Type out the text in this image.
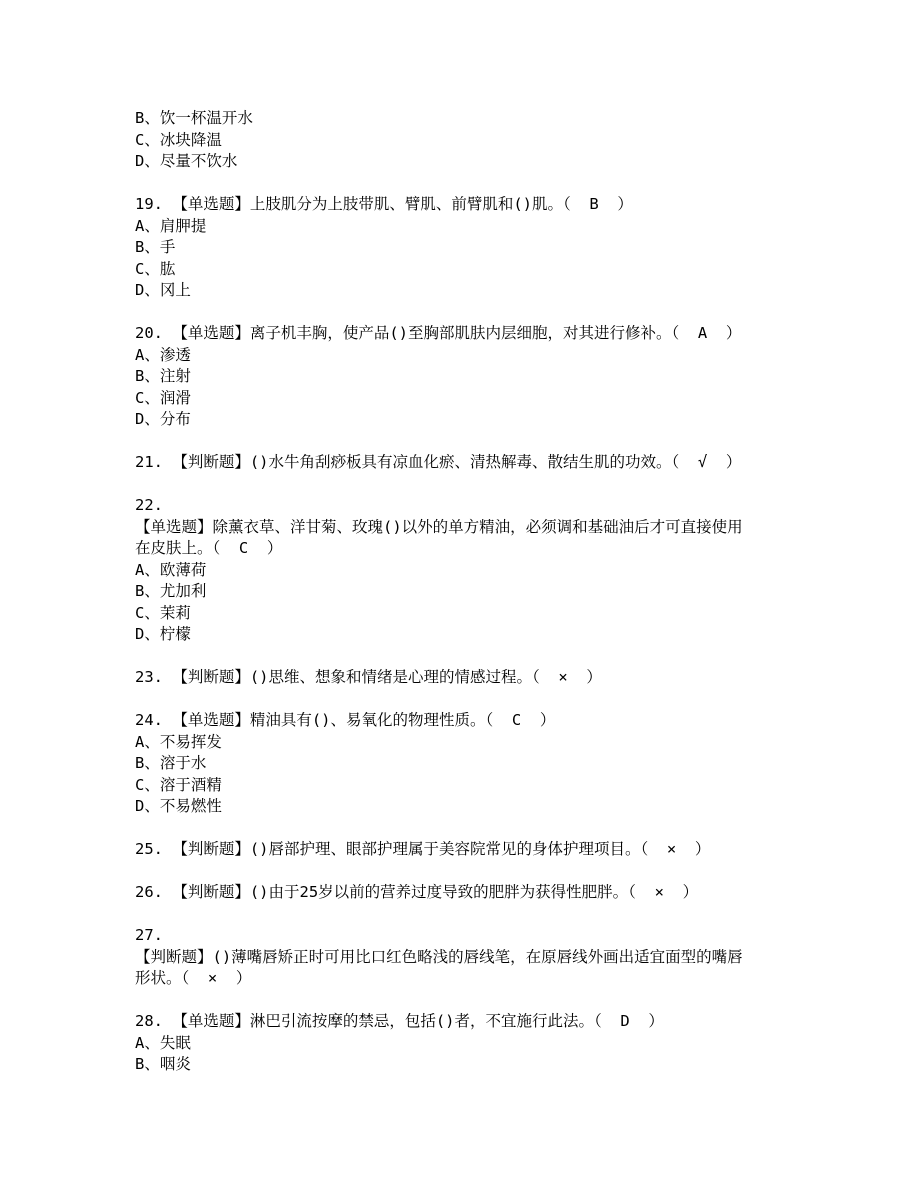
B、饮一杯温开水
C、冰块降温
D、尽量不饮水
19. 【单选题】上肢肌分为上肢带肌、臂肌、前臂肌和()肌。（  B  ）
A、肩胛提
B、手
C、肱
D、冈上
20. 【单选题】离子机丰胸，使产品()至胸部肌肤内层细胞，对其进行修补。（  A  ）
A、渗透
B、注射
C、润滑
D、分布
21. 【判断题】()水牛角刮痧板具有凉血化瘀、清热解毒、散结生肌的功效。（  √  ）
22.
【单选题】除薰衣草、洋甘菊、玫瑰()以外的单方精油，必须调和基础油后才可直接使用
在皮肤上。（  C  ）
A、欧薄荷
B、尤加利
C、茉莉
D、柠檬
23. 【判断题】()思维、想象和情绪是心理的情感过程。（  ×  ）
24. 【单选题】精油具有()、易氧化的物理性质。（  C  ）
A、不易挥发
B、溶于水
C、溶于酒精
D、不易燃性
25. 【判断题】()唇部护理、眼部护理属于美容院常见的身体护理项目。（  ×  ）
26. 【判断题】()由于25岁以前的营养过度导致的肥胖为获得性肥胖。（  ×  ）
27.
【判断题】()薄嘴唇矫正时可用比口红色略浅的唇线笔，在原唇线外画出适宜面型的嘴唇
形状。（  ×  ）
28. 【单选题】淋巴引流按摩的禁忌，包括()者，不宜施行此法。（  D  ）
A、失眠
B、咽炎
